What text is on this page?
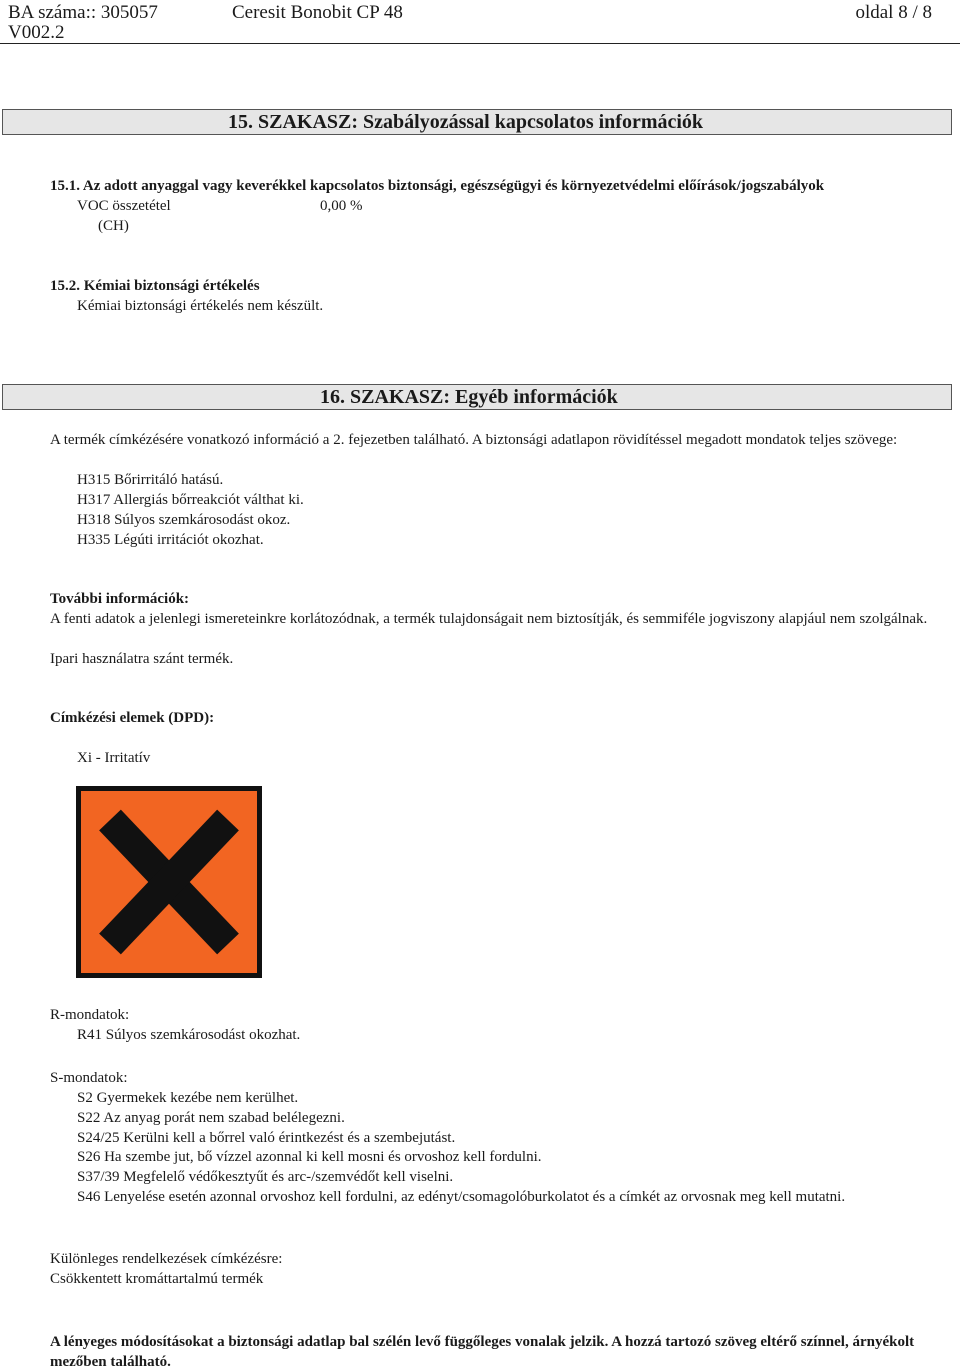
BA száma:: 305057
V002.2
Ceresit Bonobit CP 48	oldal 8 / 8
15. SZAKASZ: Szabályozással kapcsolatos információk
15.1. Az adott anyaggal vagy keverékkel kapcsolatos biztonsági, egészségügyi és környezetvédelmi előírások/jogszabályok
VOC összetétel	0,00 %
(CH)
15.2. Kémiai biztonsági értékelés
Kémiai biztonsági értékelés nem készült.
16. SZAKASZ: Egyéb információk
A termék címkézésére vonatkozó információ a 2. fejezetben található. A biztonsági adatlapon rövidítéssel megadott mondatok teljes szövege:
H315 Bőrirritáló hatású.
H317 Allergiás bőrreakciót válthat ki.
H318 Súlyos szemkárosodást okoz.
H335 Légúti irritációt okozhat.
További információk:
A fenti adatok a jelenlegi ismereteinkre korlátozódnak, a termék tulajdonságait nem biztosítják, és semmiféle jogviszony alapjául nem szolgálnak.
Ipari használatra szánt termék.
Címkézési elemek (DPD):
Xi - Irritatív
R-mondatok:
R41 Súlyos szemkárosodást okozhat.
S-mondatok:
S2 Gyermekek kezébe nem kerülhet.
S22 Az anyag porát nem szabad belélegezni.
S24/25 Kerülni kell a bőrrel való érintkezést és a szembejutást.
S26 Ha szembe jut, bő vízzel azonnal ki kell mosni és orvoshoz kell fordulni.
S37/39 Megfelelő védőkesztyűt és arc-/szemvédőt kell viselni.
S46 Lenyelése esetén azonnal orvoshoz kell fordulni, az edényt/csomagolóburkolatot és a címkét az orvosnak meg kell mutatni.
Különleges rendelkezések címkézésre:
Csökkentett kromáttartalmú termék
A lényeges módosításokat a biztonsági adatlap bal szélén levő függőleges vonalak jelzik. A hozzá tartozó szöveg eltérő színnel, árnyékolt mezőben található.
